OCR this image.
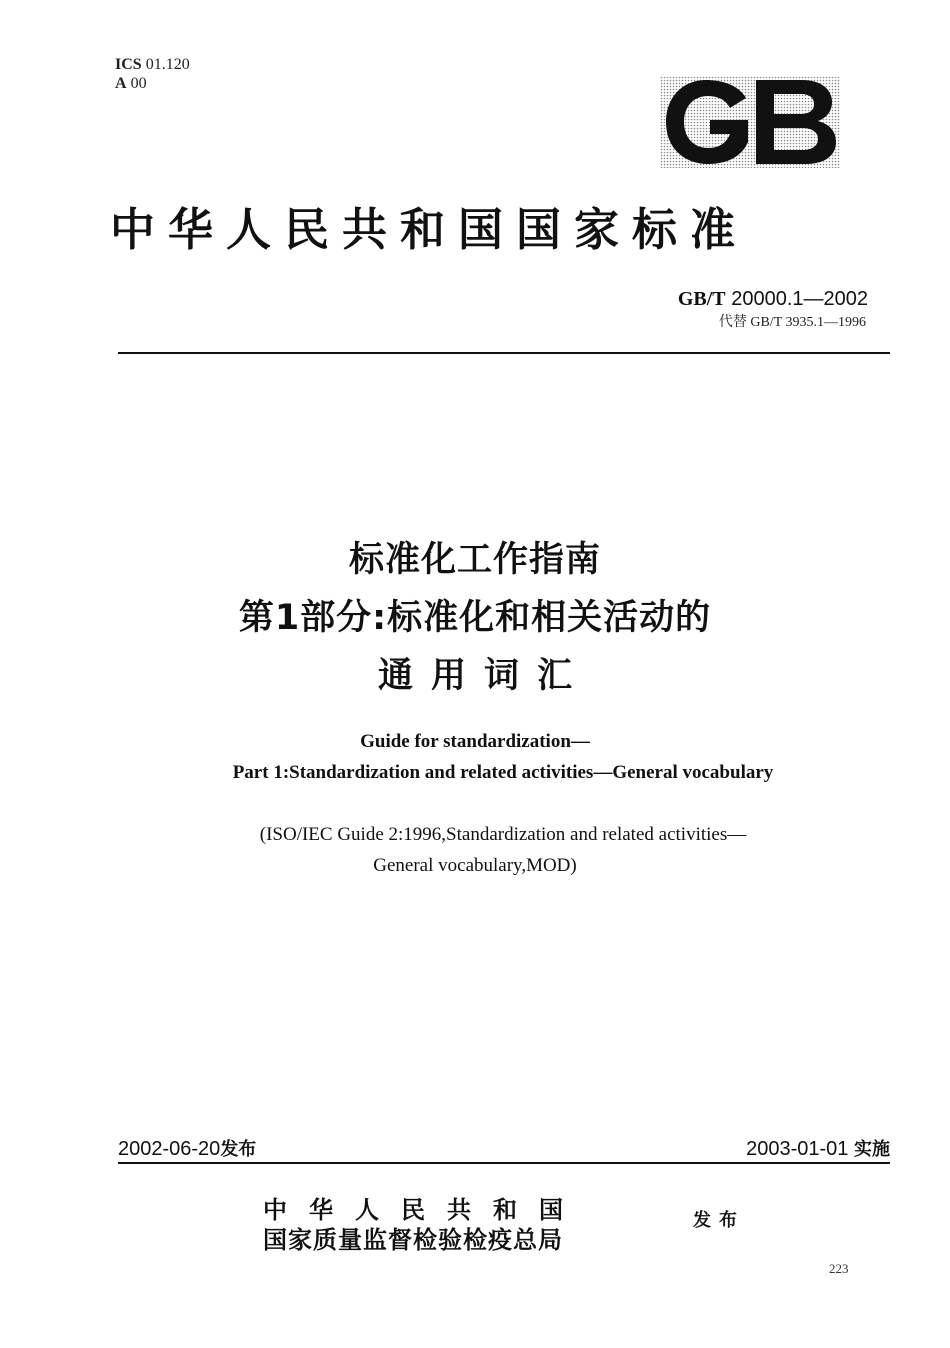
ICS 01.120
A 00
中华人民共和国国家标准
GB/T 20000.1—2002
代替 GB/T 3935.1—1996
标准化工作指南
第1部分:标准化和相关活动的
通用词汇
Guide for standardization—
Part 1:Standardization and related activities—General vocabulary
(ISO/IEC Guide 2:1996,Standardization and related activities—
General vocabulary,MOD)
2002-06-20发布	2003-01-01 实施
中华人民共和国
国家质量监督检验检疫总局
发布
223
